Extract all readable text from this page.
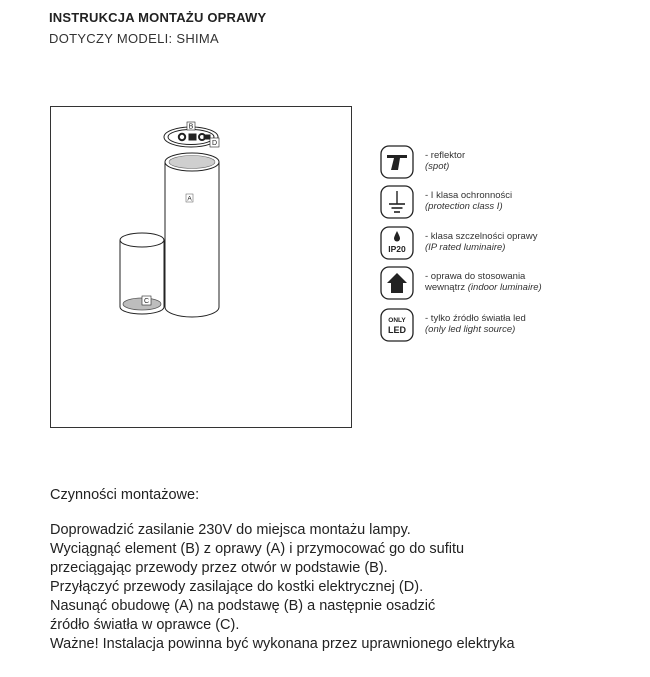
INSTRUKCJA MONTAŻU OPRAWY
DOTYCZY MODELI: SHIMA
B
D
A
C
- reflektor
(spot)
- I klasa ochronności
(protection class I)
IP20
- klasa szczelności oprawy
(IP rated luminaire)
- oprawa do stosowania
wewnątrz (indoor luminaire)
ONLY
LED
- tylko źródło światła led
(only led light source)

Czynności montażowe:

Doprowadzić zasilanie 230V do miejsca montażu lampy.

Wyciągnąć element (B) z oprawy (A) i przymocować go do sufitu

przeciągając przewody przez otwór w podstawie (B).

Przyłączyć przewody zasilające do kostki elektrycznej (D).

Nasunąć obudowę (A) na podstawę (B) a następnie osadzić

źródło światła w oprawce (C).

Ważne! Instalacja powinna być wykonana przez uprawnionego elektryka
